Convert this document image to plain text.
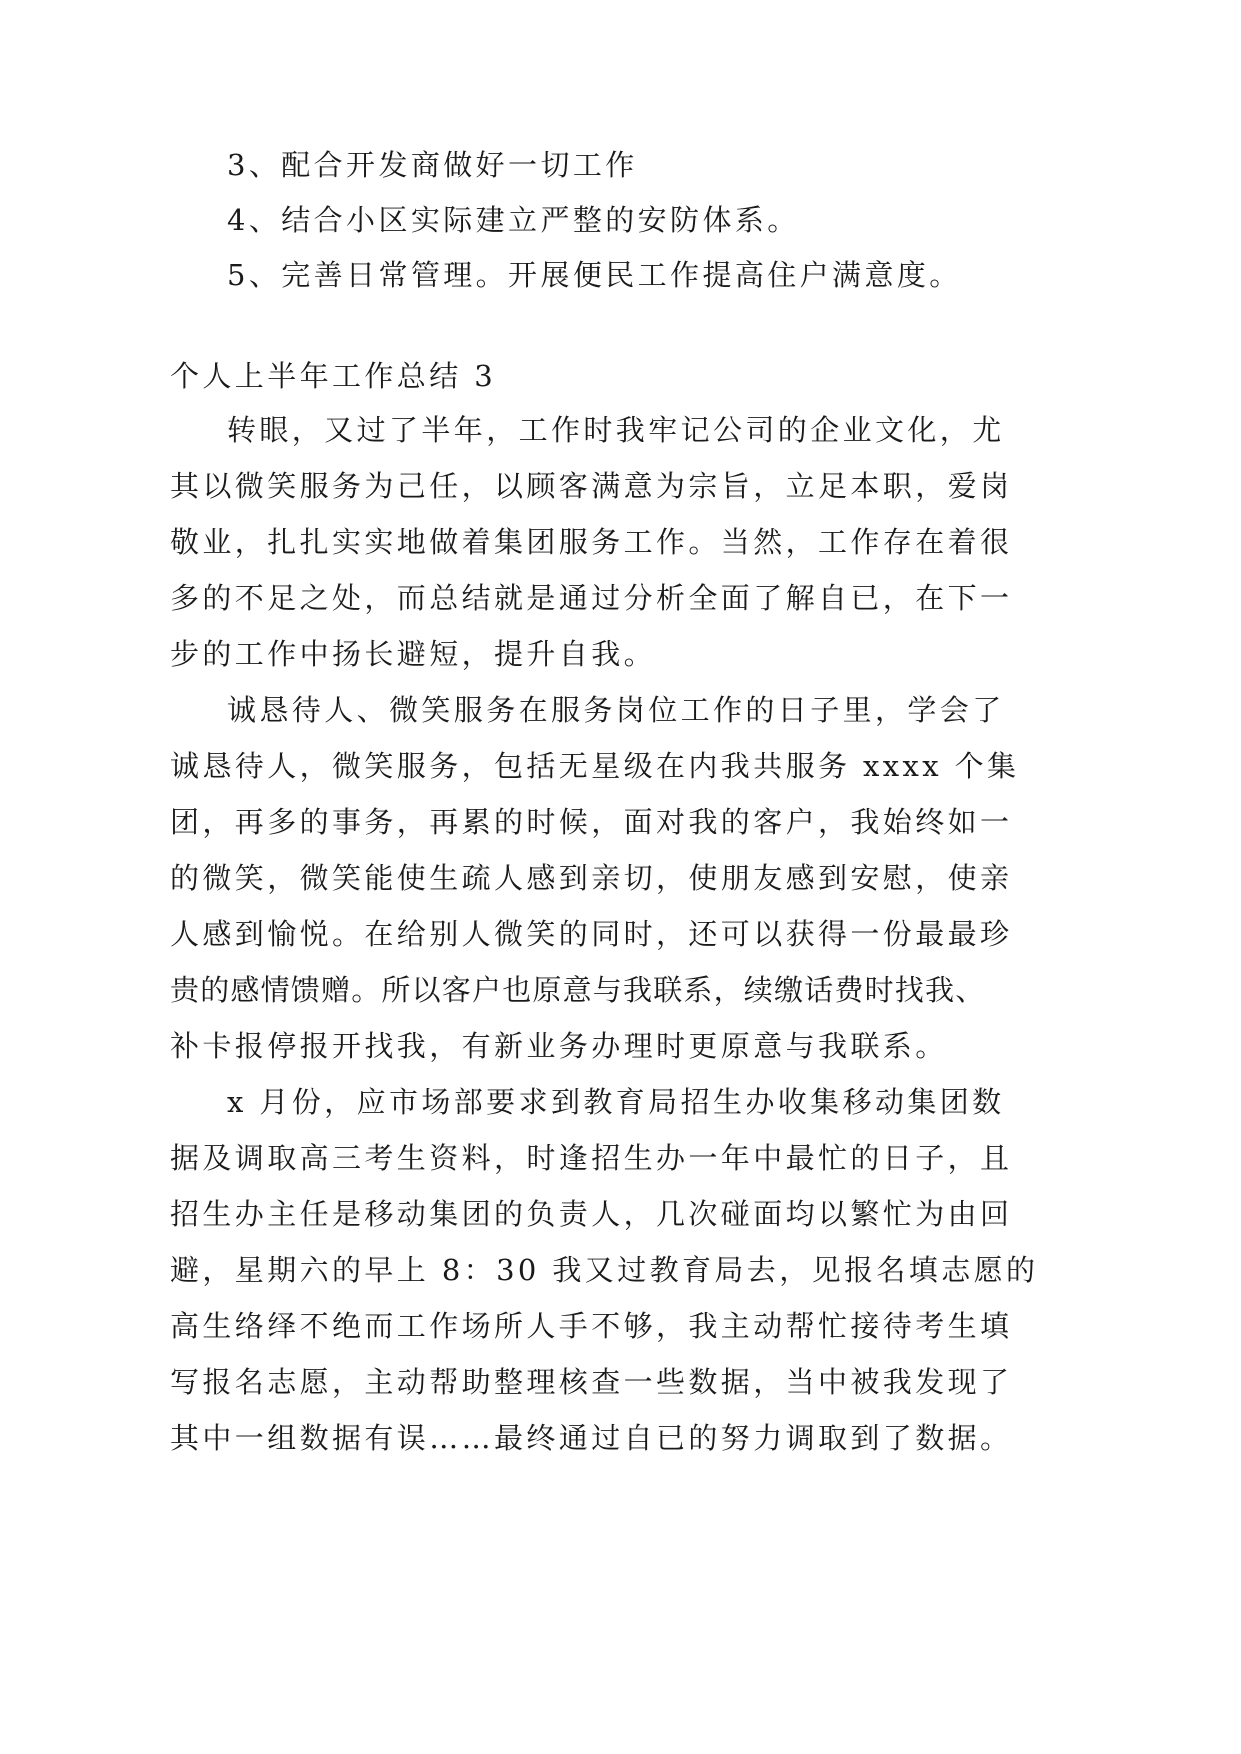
3、配合开发商做好一切工作
4、结合小区实际建立严整的安防体系。
5、完善日常管理。开展便民工作提高住户满意度。
个人上半年工作总结 3
转眼，又过了半年，工作时我牢记公司的企业文化，尤
其以微笑服务为己任，以顾客满意为宗旨，立足本职，爱岗
敬业，扎扎实实地做着集团服务工作。当然，工作存在着很
多的不足之处，而总结就是通过分析全面了解自已，在下一
步的工作中扬长避短，提升自我。
诚恳待人、微笑服务在服务岗位工作的日子里，学会了
诚恳待人，微笑服务，包括无星级在内我共服务 xxxx 个集
团，再多的事务，再累的时候，面对我的客户，我始终如一
的微笑，微笑能使生疏人感到亲切，使朋友感到安慰，使亲
人感到愉悦。在给别人微笑的同时，还可以获得一份最最珍
贵的感情馈赠。所以客户也原意与我联系，续缴话费时找我、
补卡报停报开找我，有新业务办理时更原意与我联系。
x 月份，应市场部要求到教育局招生办收集移动集团数
据及调取高三考生资料，时逢招生办一年中最忙的日子，且
招生办主任是移动集团的负责人，几次碰面均以繁忙为由回
避，星期六的早上 8：30 我又过教育局去，见报名填志愿的
高生络绎不绝而工作场所人手不够，我主动帮忙接待考生填
写报名志愿，主动帮助整理核查一些数据，当中被我发现了
其中一组数据有误……最终通过自已的努力调取到了数据。
